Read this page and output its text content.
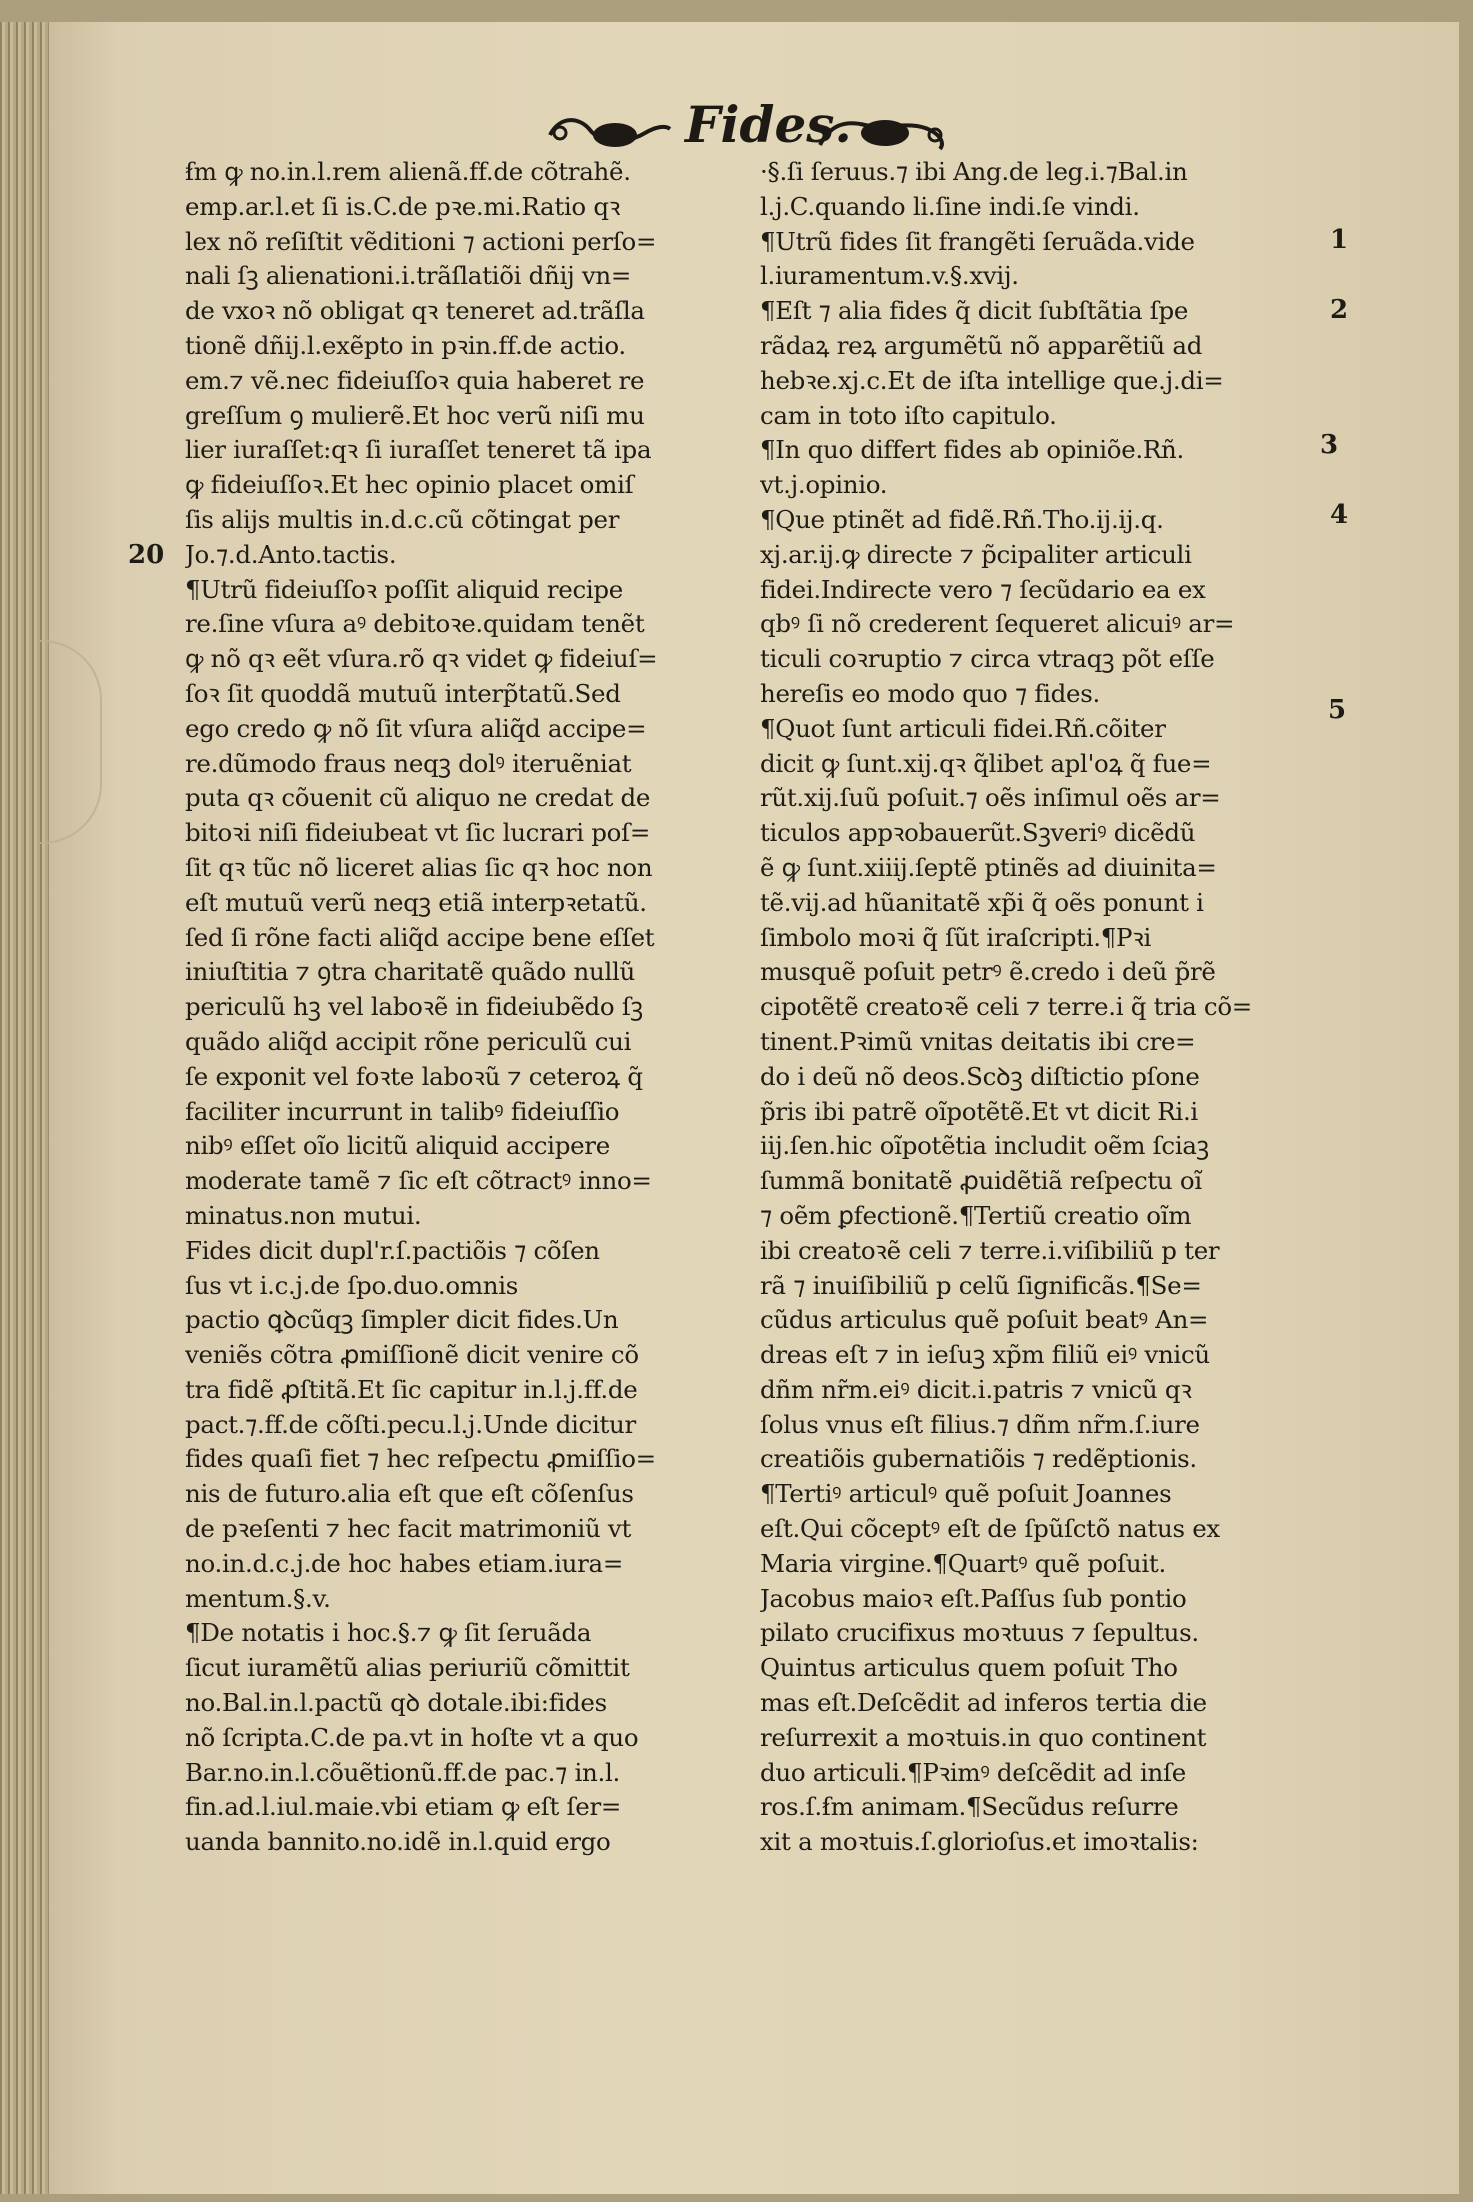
Fides.
ẜm ꝙ no.in.l.rem alienã.ff.de cõtrahẽ.
emp.ar.l.et ſi is.C.de pꝛe.mi.Ratio qꝛ
lex nõ reſiſtit vẽditioni ⁊ actioni perſo=
nali ſꝫ alienationi.i.trãſlatiõi dñij vn=
de vxoꝛ nõ obligat qꝛ teneret ad.trãſla
tionẽ dñij.l.exẽpto in pꝛin.ff.de actio.
em.⁊ vẽ.nec fideiuſſoꝛ quia haberet re
greſſum ꝯ mulierẽ.Et hoc verũ niſi mu
lier iuraſſet:qꝛ ſi iuraſſet teneret tã ipa
ꝙ fideiuſſoꝛ.Et hec opinio placet omiſ
ſis alijs multis in.d.c.cũ cõtingat per
Jo.⁊.d.Anto.tactis.
¶Utrũ fideiuſſoꝛ poſſit aliquid recipe
re.ſine vſura aꝰ debitoꝛe.quidam tenẽt
ꝙ nõ qꝛ eẽt vſura.rõ qꝛ videt ꝙ fideiuſ=
ſoꝛ ſit quoddã mutuũ interp̃tatũ.Sed
ego credo ꝙ nõ ſit vſura aliq̃d accipe=
re.dũmodo fraus neqꝫ dolꝰ iteruẽniat
puta qꝛ cõuenit cũ aliquo ne credat de
bitoꝛi niſi fideiubeat vt ſic lucrari poſ=
ſit qꝛ tũc nõ liceret alias ſic qꝛ hoc non
eſt mutuũ verũ neqꝫ etiã interpꝛetatũ.
ſed ſi rõne facti aliq̃d accipe bene eſſet
iniuſtitia ⁊ ꝯtra charitatẽ quãdo nullũ
periculũ hꝫ vel laboꝛẽ in fideiubẽdo ſꝫ
quãdo aliq̃d accipit rõne periculũ cui
ſe exponit vel foꝛte laboꝛũ ⁊ ceteroꝝ q̃
faciliter incurrunt in talibꝰ fideiuſſio
nibꝰ eſſet oĩo licitũ aliquid accipere
moderate tamẽ ⁊ ſic eſt cõtractꝰ inno=
minatus.non mutui.
Fides dicit dupl'r.ſ.pactiõis ⁊ cõſen
ſus vt i.c.j.de ſpo.duo.omnis
pactio ꝗꝺcũqꝫ ſimpler dicit fides.Un
veniẽs cõtra ꝓmiſſionẽ dicit venire cõ
tra fidẽ ꝓſtitã.Et ſic capitur in.l.j.ff.de
pact.⁊.ff.de cõſti.pecu.l.j.Unde dicitur
fides quaſi fiet ⁊ hec reſpectu ꝓmiſſio=
nis de futuro.alia eſt que eſt cõſenſus
de pꝛeſenti ⁊ hec facit matrimoniũ vt
no.in.d.c.j.de hoc habes etiam.iura=
mentum.§.v.
¶De notatis i hoc.§.⁊ ꝙ ſit ſeruãda
ſicut iuramẽtũ alias periuriũ cõmittit
no.Bal.in.l.pactũ qꝺ dotale.ibi:fides
nõ ſcripta.C.de pa.vt in hoſte vt a quo
Bar.no.in.l.cõuẽtionũ.ff.de pac.⁊ in.l.
fin.ad.l.iul.maie.vbi etiam ꝙ eſt ſer=
uanda bannito.no.idẽ in.l.quid ergo
·§.ſi ſeruus.⁊ ibi Ang.de leg.i.⁊Bal.in
l.j.C.quando li.ſine indi.ſe vindi.
¶Utrũ fides ſit frangẽti ſeruãda.vide
l.iuramentum.v.§.xvij.
¶Eſt ⁊ alia fides q̃ dicit ſubſtãtia ſpe
rãdaꝝ reꝝ argumẽtũ nõ apparẽtiũ ad
hebꝛe.xj.c.Et de iſta intellige que.j.di=
cam in toto iſto capitulo.
¶In quo differt fides ab opiniõe.Rñ.
vt.j.opinio.
¶Que ptinẽt ad fidẽ.Rñ.Tho.ij.ij.q.
xj.ar.ij.ꝙ directe ⁊ p̃cipaliter articuli
fidei.Indirecte vero ⁊ ſecũdario ea ex
qbꝰ ſi nõ crederent ſequeret alicuiꝰ ar=
ticuli coꝛruptio ⁊ circa vtraqꝫ põt eſſe
hereſis eo modo quo ⁊ fides.
¶Quot ſunt articuli fidei.Rñ.cõiter
dicit ꝙ ſunt.xij.qꝛ q̃libet apl'oꝝ q̃ fue=
rũt.xij.ſuũ poſuit.⁊ oẽs inſimul oẽs ar=
ticulos appꝛobauerũt.Sꝫveriꝰ dicẽdũ
ẽ ꝙ ſunt.xiiij.ſeptẽ ptinẽs ad diuinita=
tẽ.vij.ad hũanitatẽ xp̃i q̃ oẽs ponunt i
ſimbolo moꝛi q̃ ſũt iraſcripti.¶Pꝛi
musquẽ poſuit petrꝰ ẽ.credo i deũ p̃rẽ
cipotẽtẽ creatoꝛẽ celi ⁊ terre.i q̃ tria cõ=
tinent.Pꝛimũ vnitas deitatis ibi cre=
do i deũ nõ deos.Scꝺꝫ diſtictio pſone
p̃ris ibi patrẽ oĩpotẽtẽ.Et vt dicit Ri.i
iij.ſen.hic oĩpotẽtia includit oẽm ſciaꝫ
ſummã bonitatẽ ꝓuidẽtiã reſpectu oĩ
⁊ oẽm ꝑfectionẽ.¶Tertiũ creatio oĩm
ibi creatoꝛẽ celi ⁊ terre.i.viſibiliũ p ter
rã ⁊ inuiſibiliũ p celũ ſignificãs.¶Se=
cũdus articulus quẽ poſuit beatꝰ An=
dreas eſt ⁊ in ieſuꝫ xp̃m filiũ eiꝰ vnicũ
dñm nr̃m.eiꝰ dicit.i.patris ⁊ vnicũ qꝛ
ſolus vnus eſt filius.⁊ dñm nr̃m.ſ.iure
creatiõis gubernatiõis ⁊ redẽptionis.
¶Tertiꝰ articulꝰ quẽ poſuit Joannes
eſt.Qui cõceptꝰ eſt de ſpũſctõ natus ex
Maria virgine.¶Quartꝰ quẽ poſuit.
Jacobus maioꝛ eſt.Paſſus ſub pontio
pilato crucifixus moꝛtuus ⁊ ſepultus.
Quintus articulus quem poſuit Tho
mas eſt.Deſcẽdit ad inferos tertia die
reſurrexit a moꝛtuis.in quo continent
duo articuli.¶Pꝛimꝰ deſcẽdit ad inſe
ros.ſ.ẜm animam.¶Secũdus reſurre
xit a moꝛtuis.ſ.glorioſus.et imoꝛtalis:
20
1
2
3
4
5
